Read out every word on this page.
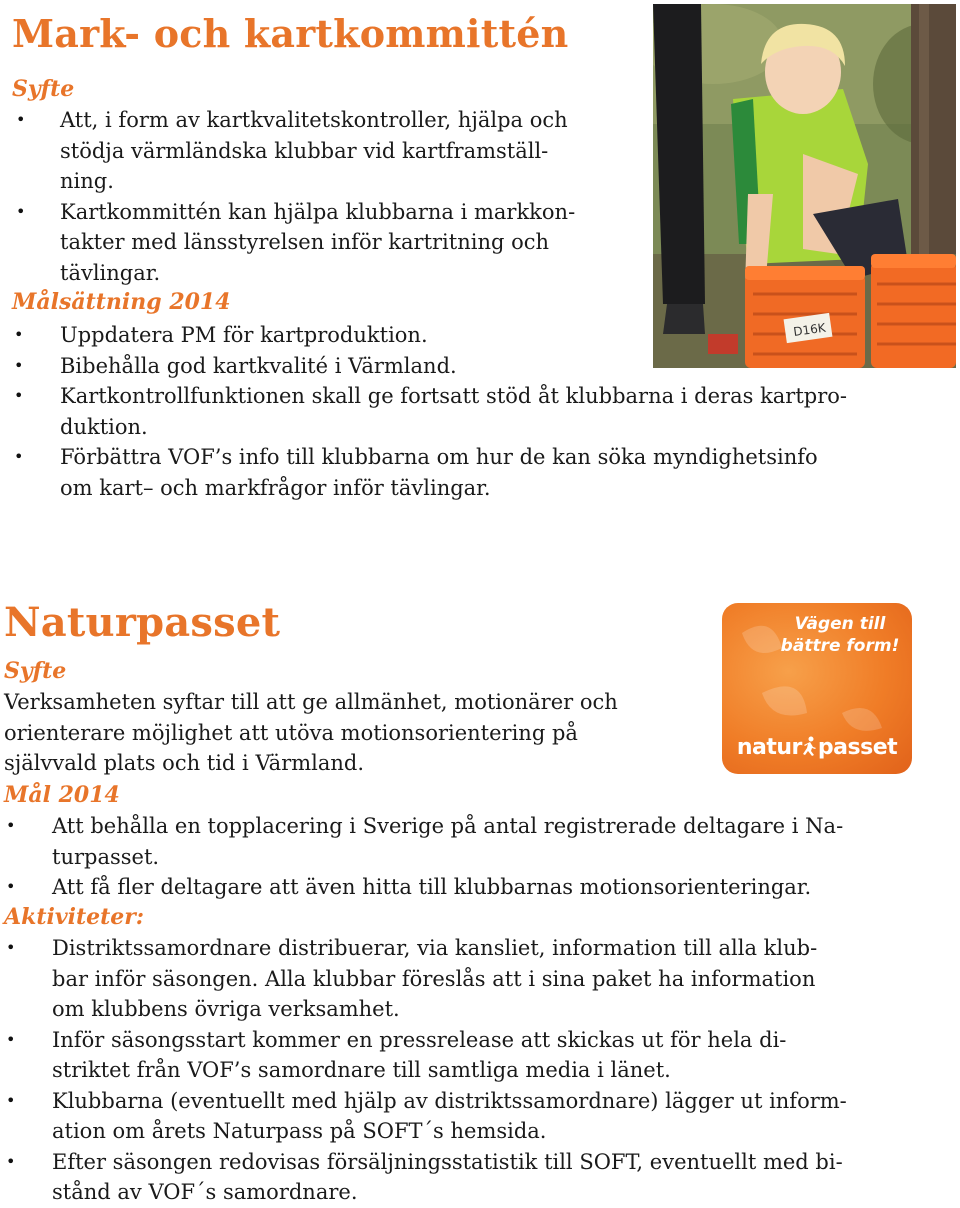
Mark- och kartkommittén
Syfte
• Att, i form av kartkvalitetskontroller, hjälpa och
stödja värmländska klubbar vid kartframställ-
ning.
• Kartkommittén kan hjälpa klubbarna i markkon-
takter med länsstyrelsen inför kartritning och
tävlingar.
Målsättning 2014
• Uppdatera PM för kartproduktion.
• Bibehålla god kartkvalité i Värmland.
• Kartkontrollfunktionen skall ge fortsatt stöd åt klubbarna i deras kartpro-
duktion.
• Förbättra VOF’s info till klubbarna om hur de kan söka myndighetsinfo
om kart– och markfrågor inför tävlingar.
D16K
Naturpasset
Syfte

Verksamheten syftar till att ge allmänhet, motionärer och
orienterare möjlighet att utöva motionsorientering på
självvald plats och tid i Värmland.

Mål 2014
• Att behålla en topplacering i Sverige på antal registrerade deltagare i Na-
turpasset.
• Att få fler deltagare att även hitta till klubbarnas motionsorienteringar.
Aktiviteter:
• Distriktssamordnare distribuerar, via kansliet, information till alla klub-
bar inför säsongen. Alla klubbar föreslås att i sina paket ha information
om klubbens övriga verksamhet.
• Inför säsongsstart kommer en pressrelease att skickas ut för hela di-
striktet från VOF’s samordnare till samtliga media i länet.
• Klubbarna (eventuellt med hjälp av distriktssamordnare) lägger ut inform-
ation om årets Naturpass på SOFT´s hemsida.
• Efter säsongen redovisas försäljningsstatistik till SOFT, eventuellt med bi-
stånd av VOF´s samordnare.
Vägen till
bättre form!
natur passet
